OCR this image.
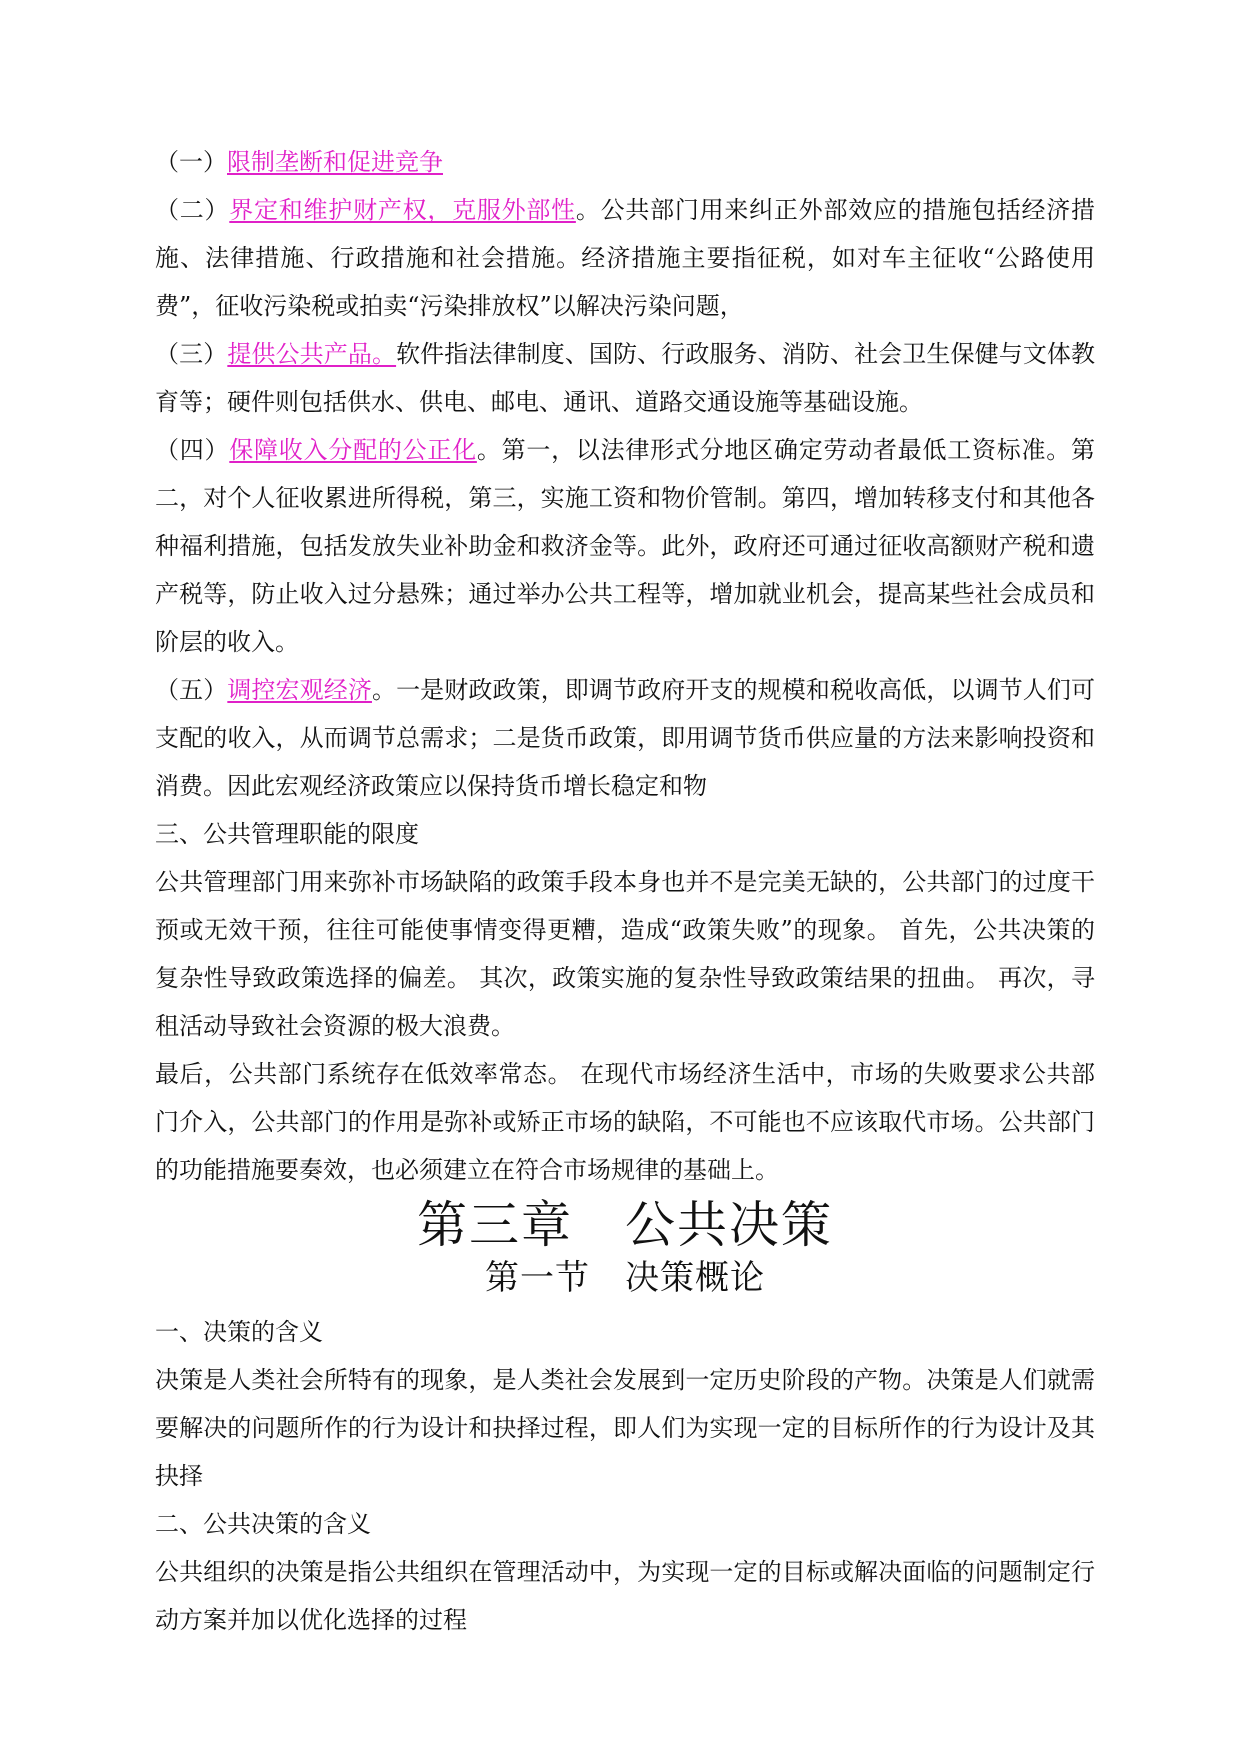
（一）限制垄断和促进竞争

（二）界定和维护财产权，克服外部性。公共部门用来纠正外部效应的措施包括经济措施、法律措施、行政措施和社会措施。经济措施主要指征税，如对车主征收“公路使用费”，征收污染税或拍卖“污染排放权”以解决污染问题，

（三）提供公共产品。软件指法律制度、国防、行政服务、消防、社会卫生保健与文体教育等；硬件则包括供水、供电、邮电、通讯、道路交通设施等基础设施。

（四）保障收入分配的公正化。第一，以法律形式分地区确定劳动者最低工资标准。第二，对个人征收累进所得税，第三，实施工资和物价管制。第四，增加转移支付和其他各种福利措施，包括发放失业补助金和救济金等。此外，政府还可通过征收高额财产税和遗产税等，防止收入过分悬殊；通过举办公共工程等，增加就业机会，提高某些社会成员和阶层的收入。

（五）调控宏观经济。一是财政政策，即调节政府开支的规模和税收高低，以调节人们可支配的收入，从而调节总需求；二是货币政策，即用调节货币供应量的方法来影响投资和消费。因此宏观经济政策应以保持货币增长稳定和物

三、公共管理职能的限度

公共管理部门用来弥补市场缺陷的政策手段本身也并不是完美无缺的，公共部门的过度干预或无效干预，往往可能使事情变得更糟，造成“政策失败”的现象。 首先，公共决策的复杂性导致政策选择的偏差。 其次，政策实施的复杂性导致政策结果的扭曲。 再次，寻租活动导致社会资源的极大浪费。

最后，公共部门系统存在低效率常态。 在现代市场经济生活中，市场的失败要求公共部门介入，公共部门的作用是弥补或矫正市场的缺陷，不可能也不应该取代市场。公共部门的功能措施要奏效，也必须建立在符合市场规律的基础上。

第三章　公共决策

第一节　决策概论

一、决策的含义

决策是人类社会所特有的现象，是人类社会发展到一定历史阶段的产物。决策是人们就需要解决的问题所作的行为设计和抉择过程，即人们为实现一定的目标所作的行为设计及其抉择

二、公共决策的含义

公共组织的决策是指公共组织在管理活动中，为实现一定的目标或解决面临的问题制定行动方案并加以优化选择的过程
